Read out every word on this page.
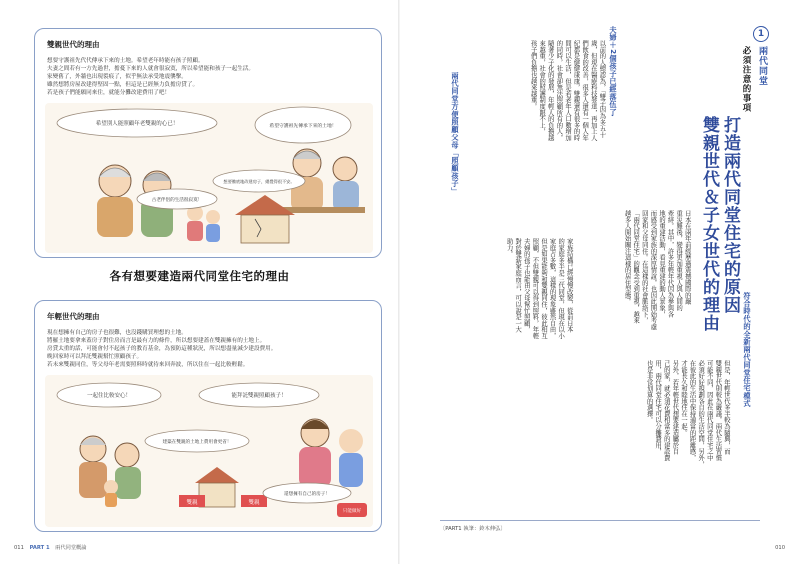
雙親世代的理由
想要守護祖先代代傳承下來的土地。希望老年時能有孩子照顧。
夫妻之間若有一方先過世，擔憂下來的人就會很寂寞，所以希望能和孩子一起生活。
家變舊了，外牆也出現裂痕了，似乎無法承受地震襲擊。
雖然想將房屋改建得堅固一點，但這是已經無力負擔房貸了。
若是孩子們能願同來住，就能分攤改建費用了吧！
希望別人能照顧年老雙親的心已！	希望守護祖先傳承下來的土地！
古老伴侶的生活很寂寞！
想要徹底地改建房子，總覺得很不安。
各有想要建造兩代同堂住宅的理由
年輕世代的理由
現在想擁有自己的房子也很難，也沒錢購買理想的土地。
將羅土地要拿來蓋房子對住房而言是最有力的條件，所以想要建蓋在雙親擁有的土地上。
房貸太重的話，可能會付不起孩子的教育基金，為預防這種狀況，所以想盡量減少建設費用。
晚回家時可以拜託雙親幫忙照顧孩子。
若未來雙親同住，等父母年老需要照料時就待來回奔波，所以住在一起比較輕鬆。
雙親	雙親
一起住比較安心！	能拜託雙親照顧孩子！
建築在雙親的土地上費用會更省！
還想擁有自己的房子！
只能做好
011 PART 1 兩代同堂概論
1
兩代同堂
必須注意的事項
打造兩代同堂住宅的原因
雙親世代＆子女世代的理由
日本在兩年前經歷過震撼國際的嚴
重災難後，變得更加重視人與人間的
牽絆。其中，許多年輕年代因為參與各
地的重建活動，看見重建的動人景象，
而感受到家族的深厚情誼，也因此開始考慮
回家和父母同住。在這樣的社會脈絡下，
「兩代同堂住宅」的觀念受到重視，越來
越多人開始關注這樣的居住型態。
夫婦＋2個孩子已經落伍了
以前的人總認為，「雙子因為多五十
歲，但現在醫療科技發達，再加上人
們飲食的改善，很多人還有一個人年
紀都是健健康康，雙親還有很多的時
間可以生活，但是若老年人口數增加
的同時，社會卻無法照顧所有的人，
隨著少子化的發展，年輕人的負擔越
來越重，社會的照護制度跟不上，
孩子們負擔也越來越重。
兩代同堂方便照顧父母「照顧孩子」
家族結構已經慢慢改變，從前日本
的家庭多半是三代同堂，但現在以小
家庭占多數，這樣的現象雖然自由，
但是如果能夠和雙親同住，彼此相互
照顧，不但雙親可以得到照料，年輕
夫婦的孩子也能由父母幫忙照顧，
對於雙薪家庭而言，可以說是一大
助力。
符合時代的全新兩代同堂住宅模式
但是，年輕世代多半較為隨興，而
雙親世代則較為嚴謹，兩代生活習慣
可能不同，因此在兩代同堂住宅之中
必須好好規劃各自的生活空間，另外，
在彼此的生活中保持適當的距離感，
才能長久和睦地住在一起。
另外，若年輕世代想要建造屬於自
己的家，就必須花費相當多的建設費
用，兩代同堂住宅可以分攤費用，
也是非常划算的選擇。
〔PART1 執筆：鈴木伸弘〕
010
